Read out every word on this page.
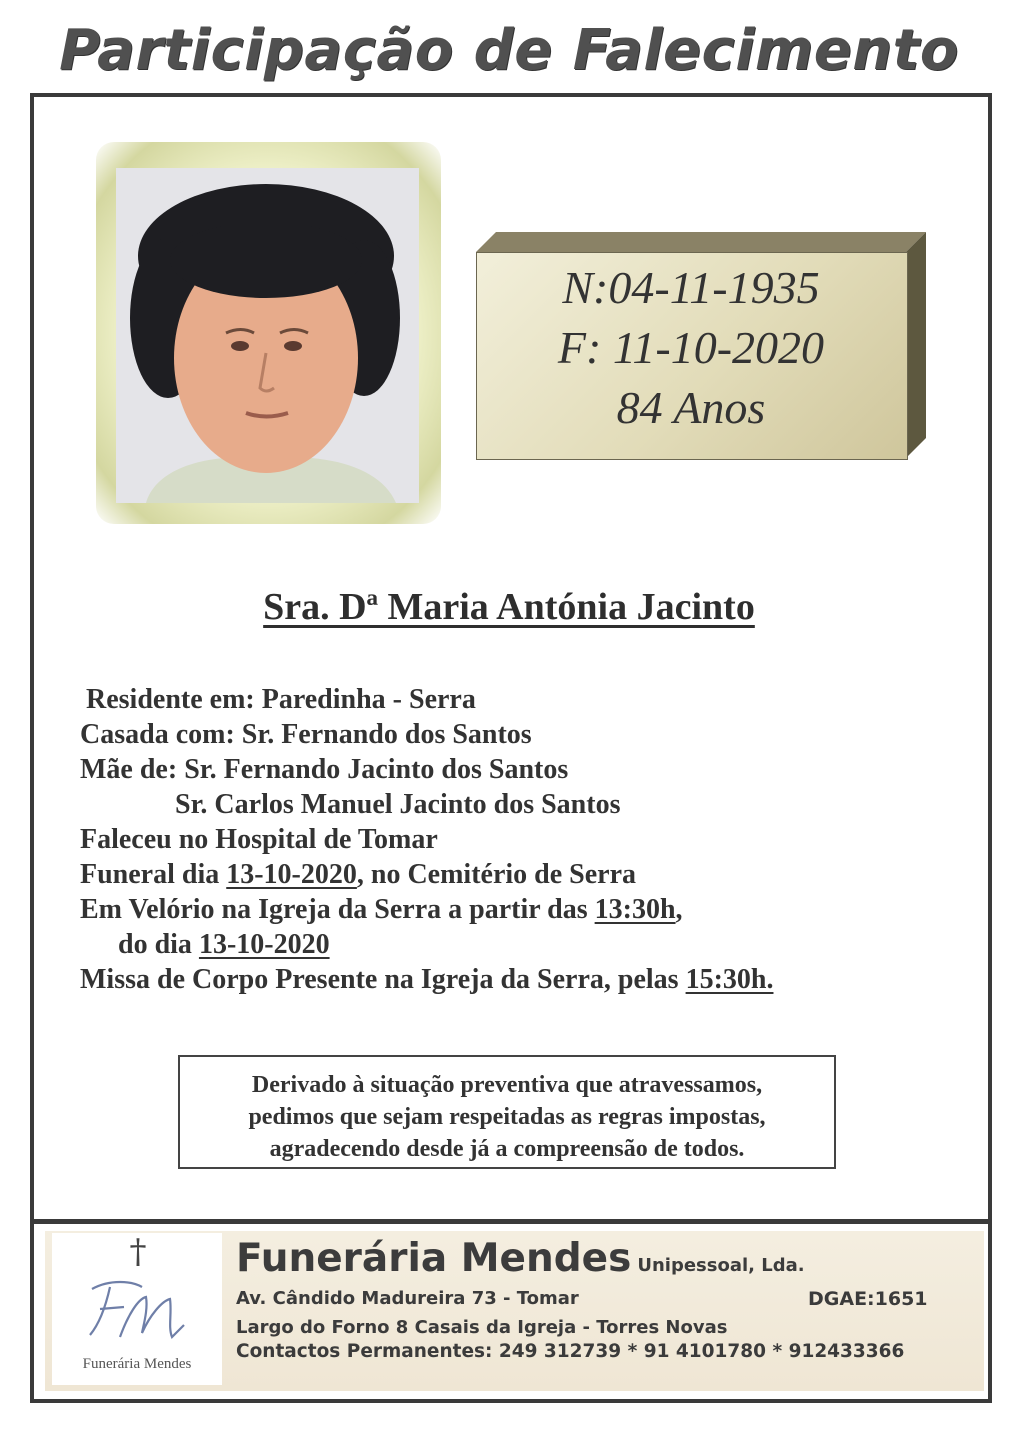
Participação de Falecimento
N:04-11-1935
F: 11-10-2020
84 Anos
Sra. Dª Maria Antónia Jacinto
Residente em: Paredinha - Serra
Casada com: Sr. Fernando dos Santos
Mãe de: Sr. Fernando Jacinto dos Santos
Sr. Carlos Manuel Jacinto dos Santos
Faleceu no Hospital de Tomar
Funeral dia 13-10-2020, no Cemitério de Serra
Em Velório na Igreja da Serra a partir das 13:30h,
do dia 13-10-2020
Missa de Corpo Presente na Igreja da Serra, pelas 15:30h.
Derivado à situação preventiva que atravessamos,
pedimos que sejam respeitadas as regras impostas,
agradecendo desde já a compreensão de todos.
†
Funerária Mendes
Funerária Mendes Unipessoal, Lda.
Av. Cândido Madureira 73 - Tomar	DGAE:1651
Largo do Forno 8 Casais da Igreja - Torres Novas
Contactos Permanentes: 249 312739 * 91 4101780 * 912433366
